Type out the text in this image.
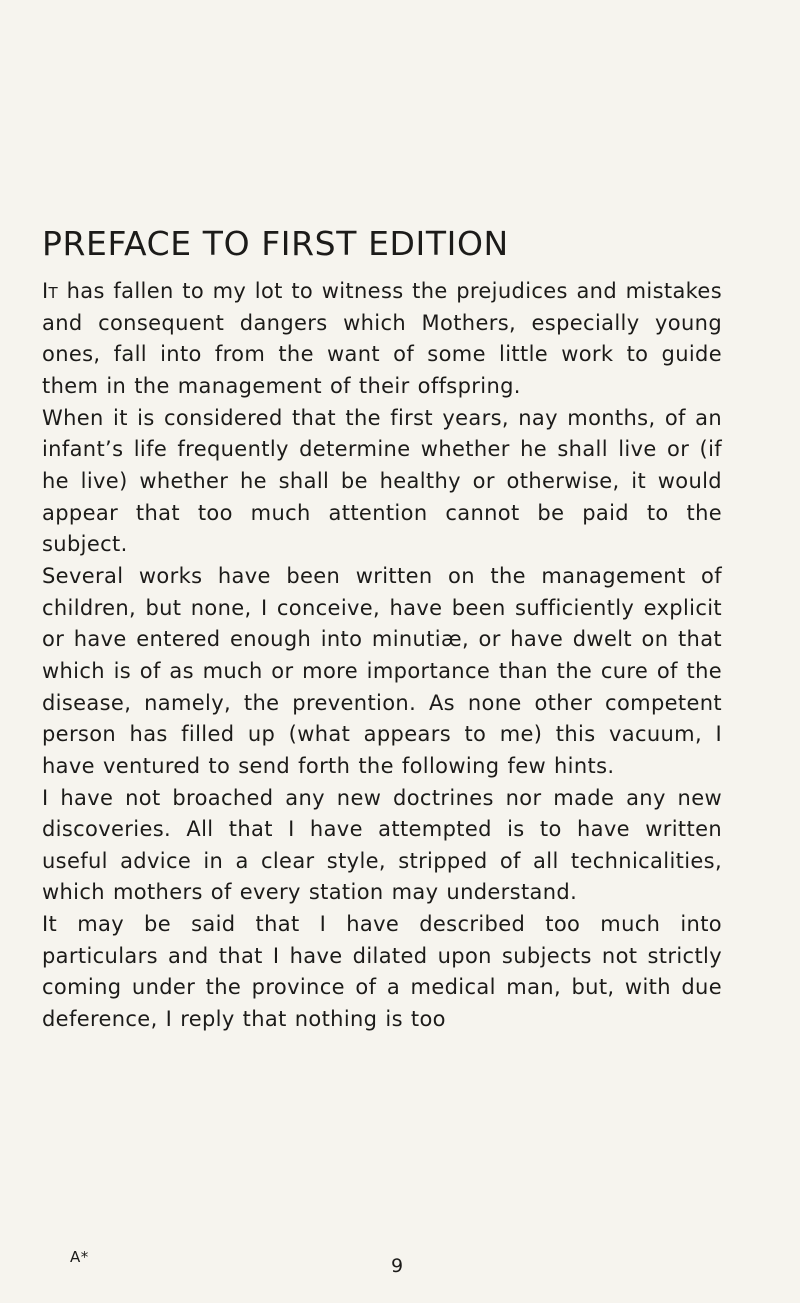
PREFACE TO FIRST EDITION

It has fallen to my lot to witness the prejudices and mistakes and consequent dangers which Mothers, especially young ones, fall into from the want of some little work to guide them in the management of their offspring.

When it is considered that the first years, nay months, of an infant’s life frequently determine whether he shall live or (if he live) whether he shall be healthy or otherwise, it would appear that too much attention cannot be paid to the subject.

Several works have been written on the management of children, but none, I conceive, have been sufficiently explicit or have entered enough into minutiæ, or have dwelt on that which is of as much or more importance than the cure of the disease, namely, the prevention. As none other competent person has filled up (what appears to me) this vacuum, I have ventured to send forth the following few hints.

I have not broached any new doctrines nor made any new discoveries. All that I have attempted is to have written useful advice in a clear style, stripped of all technicalities, which mothers of every station may understand.

It may be said that I have described too much into particulars and that I have dilated upon subjects not strictly coming under the province of a medical man, but, with due deference, I reply that nothing is too

A*	9
